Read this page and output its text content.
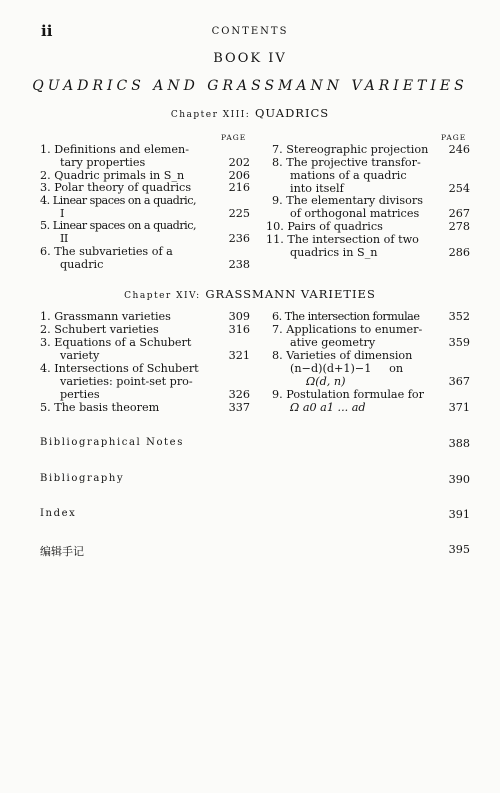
ii	CONTENTS
BOOK IV
QUADRICS AND GRASSMANN VARIETIES
Chapter XIII: QUADRICS
PAGE	PAGE
1. Definitions and elemen-
tary properties	202
2. Quadric primals in S_n	206
3. Polar theory of quadrics	216
4. Linear spaces on a quadric,
I	225
5. Linear spaces on a quadric,
II	236
6. The subvarieties of a
quadric	238
7. Stereographic projection	246
8. The projective transfor-
mations of a quadric
into itself	254
9. The elementary divisors
of orthogonal matrices	267
10. Pairs of quadrics	278
11. The intersection of two
quadrics in S_n	286
Chapter XIV: GRASSMANN VARIETIES
1. Grassmann varieties	309
2. Schubert varieties	316
3. Equations of a Schubert
variety	321
4. Intersections of Schubert
varieties: point-set pro-
perties	326
5. The basis theorem	337
6. The intersection formulae	352
7. Applications to enumer-
ative geometry	359
8. Varieties of dimension
(n−d)(d+1)−1     on
Ω(d, n)	367
9. Postulation formulae for
Ω a0 a1 ... ad	371
Bibliographical Notes	388
Bibliography	390
Index	391
编辑手记	395
